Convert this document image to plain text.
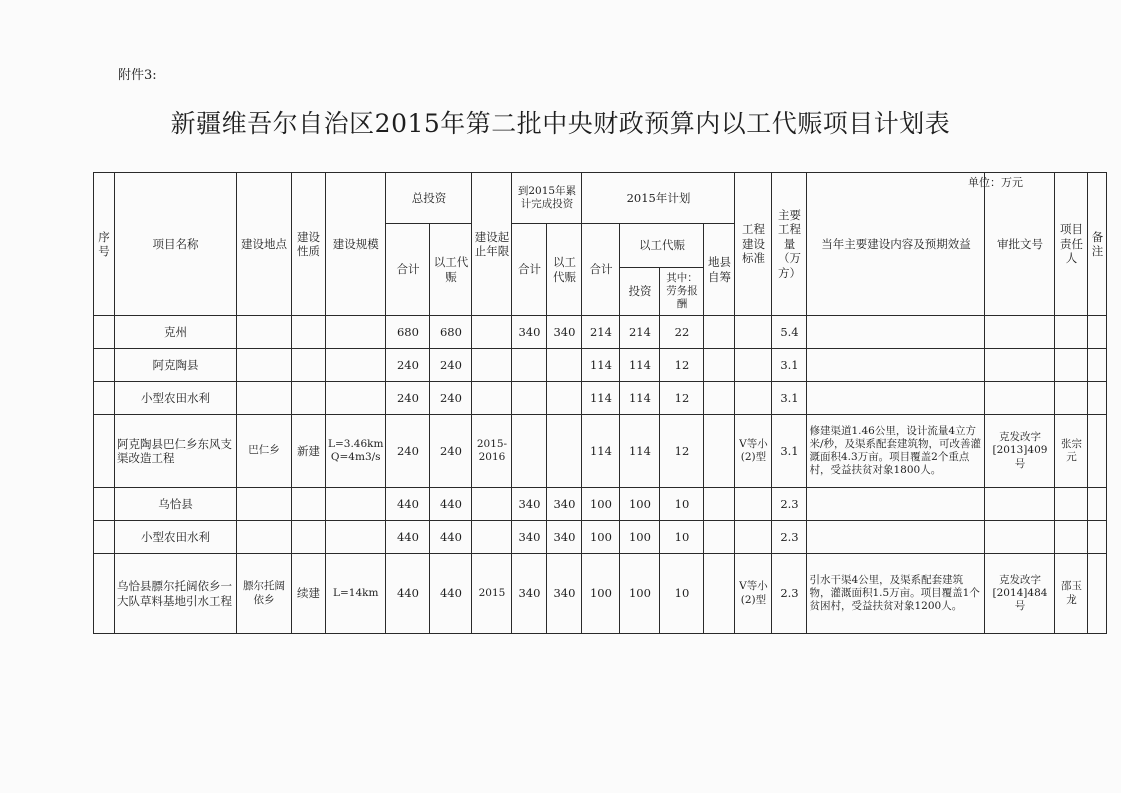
附件3:
新疆维吾尔自治区2015年第二批中央财政预算内以工代赈项目计划表
单位：万元
序号	项目名称	建设地点	建设性质	建设规模	总投资		建设起止年限	到2015年累计完成投资		2015年计划				工程建设标准	主要工程量（万方）	当年主要建设内容及预期效益	审批文号	项目责任人	备注
					合计	以工代赈		合计	以工代赈	合计	以工代赈		地县自筹						
											投资	其中：劳务报酬							
	克州				680	680		340	340	214	214	22			5.4				
	阿克陶县				240	240				114	114	12			3.1				
	小型农田水利				240	240				114	114	12			3.1				
	阿克陶县巴仁乡东风支渠改造工程	巴仁乡	新建	L=3.46km Q=4m3/s	240	240	2015-2016			114	114	12		V等小(2)型	3.1	修建渠道1.46公里，设计流量4立方米/秒，及渠系配套建筑物，可改善灌溉面积4.3万亩。项目覆盖2个重点村，受益扶贫对象1800人。	克发改字[2013]409号	张宗元	
	乌恰县				440	440		340	340	100	100	10			2.3				
	小型农田水利				440	440		340	340	100	100	10			2.3				
	乌恰县膘尔托阔依乡一大队草料基地引水工程	膘尔托阔依乡	续建	L=14km	440	440	2015	340	340	100	100	10		V等小(2)型	2.3	引水干渠4公里，及渠系配套建筑物，灌溉面积1.5万亩。项目覆盖1个贫困村，受益扶贫对象1200人。	克发改字[2014]484号	邵玉龙	
